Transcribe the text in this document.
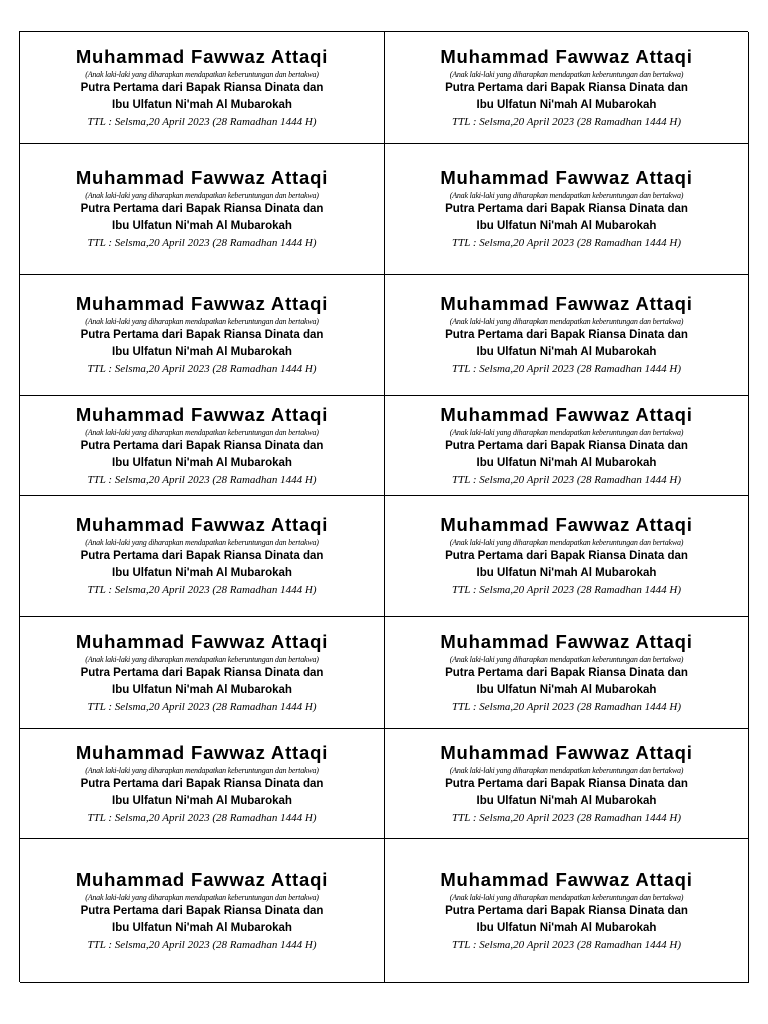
Muhammad Fawwaz Attaqi
(Anak laki-laki yang diharapkan mendapatkan keberuntungan dan bertakwa)
Putra Pertama dari Bapak Riansa Dinata dan
Ibu Ulfatun Ni'mah Al Mubarokah
TTL : Selsma,20 April 2023 (28 Ramadhan 1444 H)
Muhammad Fawwaz Attaqi
(Anak laki-laki yang diharapkan mendapatkan keberuntungan dan bertakwa)
Putra Pertama dari Bapak Riansa Dinata dan
Ibu Ulfatun Ni'mah Al Mubarokah
TTL : Selsma,20 April 2023 (28 Ramadhan 1444 H)
Muhammad Fawwaz Attaqi
(Anak laki-laki yang diharapkan mendapatkan keberuntungan dan bertakwa)
Putra Pertama dari Bapak Riansa Dinata dan
Ibu Ulfatun Ni'mah Al Mubarokah
TTL : Selsma,20 April 2023 (28 Ramadhan 1444 H)
Muhammad Fawwaz Attaqi
(Anak laki-laki yang diharapkan mendapatkan keberuntungan dan bertakwa)
Putra Pertama dari Bapak Riansa Dinata dan
Ibu Ulfatun Ni'mah Al Mubarokah
TTL : Selsma,20 April 2023 (28 Ramadhan 1444 H)
Muhammad Fawwaz Attaqi
(Anak laki-laki yang diharapkan mendapatkan keberuntungan dan bertakwa)
Putra Pertama dari Bapak Riansa Dinata dan
Ibu Ulfatun Ni'mah Al Mubarokah
TTL : Selsma,20 April 2023 (28 Ramadhan 1444 H)
Muhammad Fawwaz Attaqi
(Anak laki-laki yang diharapkan mendapatkan keberuntungan dan bertakwa)
Putra Pertama dari Bapak Riansa Dinata dan
Ibu Ulfatun Ni'mah Al Mubarokah
TTL : Selsma,20 April 2023 (28 Ramadhan 1444 H)
Muhammad Fawwaz Attaqi
(Anak laki-laki yang diharapkan mendapatkan keberuntungan dan bertakwa)
Putra Pertama dari Bapak Riansa Dinata dan
Ibu Ulfatun Ni'mah Al Mubarokah
TTL : Selsma,20 April 2023 (28 Ramadhan 1444 H)
Muhammad Fawwaz Attaqi
(Anak laki-laki yang diharapkan mendapatkan keberuntungan dan bertakwa)
Putra Pertama dari Bapak Riansa Dinata dan
Ibu Ulfatun Ni'mah Al Mubarokah
TTL : Selsma,20 April 2023 (28 Ramadhan 1444 H)
Muhammad Fawwaz Attaqi
(Anak laki-laki yang diharapkan mendapatkan keberuntungan dan bertakwa)
Putra Pertama dari Bapak Riansa Dinata dan
Ibu Ulfatun Ni'mah Al Mubarokah
TTL : Selsma,20 April 2023 (28 Ramadhan 1444 H)
Muhammad Fawwaz Attaqi
(Anak laki-laki yang diharapkan mendapatkan keberuntungan dan bertakwa)
Putra Pertama dari Bapak Riansa Dinata dan
Ibu Ulfatun Ni'mah Al Mubarokah
TTL : Selsma,20 April 2023 (28 Ramadhan 1444 H)
Muhammad Fawwaz Attaqi
(Anak laki-laki yang diharapkan mendapatkan keberuntungan dan bertakwa)
Putra Pertama dari Bapak Riansa Dinata dan
Ibu Ulfatun Ni'mah Al Mubarokah
TTL : Selsma,20 April 2023 (28 Ramadhan 1444 H)
Muhammad Fawwaz Attaqi
(Anak laki-laki yang diharapkan mendapatkan keberuntungan dan bertakwa)
Putra Pertama dari Bapak Riansa Dinata dan
Ibu Ulfatun Ni'mah Al Mubarokah
TTL : Selsma,20 April 2023 (28 Ramadhan 1444 H)
Muhammad Fawwaz Attaqi
(Anak laki-laki yang diharapkan mendapatkan keberuntungan dan bertakwa)
Putra Pertama dari Bapak Riansa Dinata dan
Ibu Ulfatun Ni'mah Al Mubarokah
TTL : Selsma,20 April 2023 (28 Ramadhan 1444 H)
Muhammad Fawwaz Attaqi
(Anak laki-laki yang diharapkan mendapatkan keberuntungan dan bertakwa)
Putra Pertama dari Bapak Riansa Dinata dan
Ibu Ulfatun Ni'mah Al Mubarokah
TTL : Selsma,20 April 2023 (28 Ramadhan 1444 H)
Muhammad Fawwaz Attaqi
(Anak laki-laki yang diharapkan mendapatkan keberuntungan dan bertakwa)
Putra Pertama dari Bapak Riansa Dinata dan
Ibu Ulfatun Ni'mah Al Mubarokah
TTL : Selsma,20 April 2023 (28 Ramadhan 1444 H)
Muhammad Fawwaz Attaqi
(Anak laki-laki yang diharapkan mendapatkan keberuntungan dan bertakwa)
Putra Pertama dari Bapak Riansa Dinata dan
Ibu Ulfatun Ni'mah Al Mubarokah
TTL : Selsma,20 April 2023 (28 Ramadhan 1444 H)
